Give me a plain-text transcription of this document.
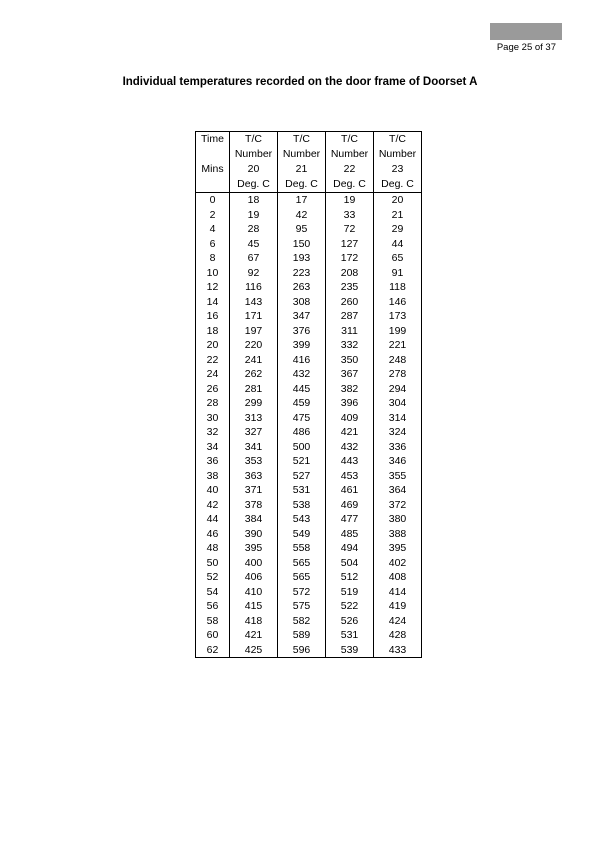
Page 25 of 37
Individual temperatures recorded on the door frame of Doorset A
Time	T/C	T/C	T/C	T/C
	Number	Number	Number	Number
Mins	20	21	22	23
	Deg. C	Deg. C	Deg. C	Deg. C
0	18	17	19	20
2	19	42	33	21
4	28	95	72	29
6	45	150	127	44
8	67	193	172	65
10	92	223	208	91
12	116	263	235	118
14	143	308	260	146
16	171	347	287	173
18	197	376	311	199
20	220	399	332	221
22	241	416	350	248
24	262	432	367	278
26	281	445	382	294
28	299	459	396	304
30	313	475	409	314
32	327	486	421	324
34	341	500	432	336
36	353	521	443	346
38	363	527	453	355
40	371	531	461	364
42	378	538	469	372
44	384	543	477	380
46	390	549	485	388
48	395	558	494	395
50	400	565	504	402
52	406	565	512	408
54	410	572	519	414
56	415	575	522	419
58	418	582	526	424
60	421	589	531	428
62	425	596	539	433
